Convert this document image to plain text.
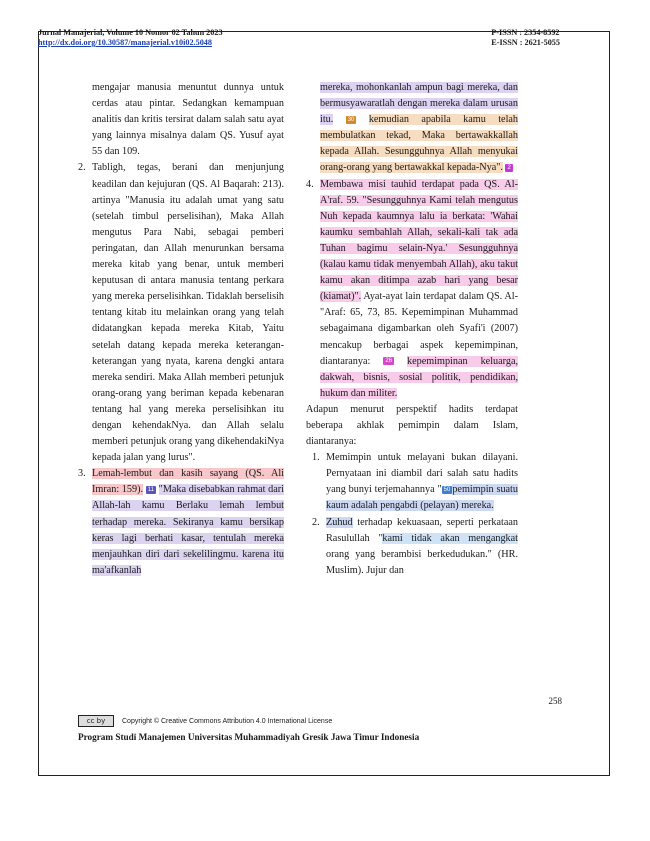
Jurnal Manajerial, Volume 10 Nomor 02 Tahun 2023
http://dx.doi.org/10.30587/manajerial.v10i02.5048
P-ISSN : 2354-8592
E-ISSN : 2621-5055

mengajar manusia menuntut dunnya untuk cerdas atau pintar. Sedangkan kemampuan analitis dan kritis tersirat dalam salah satu ayat yang lainnya misalnya dalam QS. Yusuf ayat 55 dan 109.

2. Tabligh, tegas, berani dan menjunjung keadilan dan kejujuran (QS. Al Baqarah: 213). artinya "Manusia itu adalah umat yang satu (setelah timbul perselisihan), Maka Allah mengutus Para Nabi, sebagai pemberi peringatan, dan Allah menurunkan bersama mereka kitab yang benar, untuk memberi keputusan di antara manusia tentang perkara yang mereka perselisihkan. Tidaklah berselisih tentang kitab itu melainkan orang yang telah didatangkan kepada mereka Kitab, Yaitu setelah datang kepada mereka keterangan-keterangan yang nyata, karena dengki antara mereka sendiri. Maka Allah memberi petunjuk orang-orang yang beriman kepada kebenaran tentang hal yang mereka perselisihkan itu dengan kehendakNya. dan Allah selalu memberi petunjuk orang yang dikehendakiNya kepada jalan yang lurus".

3. Lemah-lembut dan kasih sayang (QS. Ali Imran: 159). 11 "Maka disebabkan rahmat dari Allah-lah kamu Berlaku lemah lembut terhadap mereka. Sekiranya kamu bersikap keras lagi berhati kasar, tentulah mereka menjauhkan diri dari sekelilingmu. karena itu ma'afkanlah

mereka, mohonkanlah ampun bagi mereka, dan bermusyawaratlah dengan mereka dalam urusan itu. 30 kemudian apabila kamu telah membulatkan tekad, Maka bertawakkallah kepada Allah. Sesungguhnya Allah menyukai orang-orang yang bertawakkal kepada-Nya". 2

4. Membawa misi tauhid terdapat pada QS. Al-A'raf. 59. "Sesungguhnya Kami telah mengutus Nuh kepada kaumnya lalu ia berkata: 'Wahai kaumku sembahlah Allah, sekali-kali tak ada Tuhan bagimu selain-Nya.' Sesungguhnya (kalau kamu tidak menyembah Allah), aku takut kamu akan ditimpa azab hari yang besar (kiamat)". Ayat-ayat lain terdapat dalam QS. Al-"Araf: 65, 73, 85. Kepemimpinan Muhammad sebagaimana digambarkan oleh Syafi'i (2007) mencakup berbagai aspek kepemimpinan, diantaranya:	26 kepemimpinan keluarga, dakwah, bisnis, sosial politik, pendidikan, hukum dan militer.

Adapun menurut perspektif hadits terdapat beberapa akhlak pemimpin dalam Islam, diantaranya:

1. Memimpin untuk melayani bukan dilayani. Pernyataan ini diambil dari salah satu hadits yang bunyi terjemahannya " 50 pemimpin suatu kaum adalah pengabdi (pelayan) mereka.

2. Zuhud terhadap kekuasaan, seperti perkataan Rasulullah "kami tidak akan mengangkat orang yang berambisi berkedudukan." (HR. Muslim). Jujur dan

258
cc by Copyright © Creative Commons Attribution 4.0 International License
Program Studi Manajemen Universitas Muhammadiyah Gresik Jawa Timur Indonesia
